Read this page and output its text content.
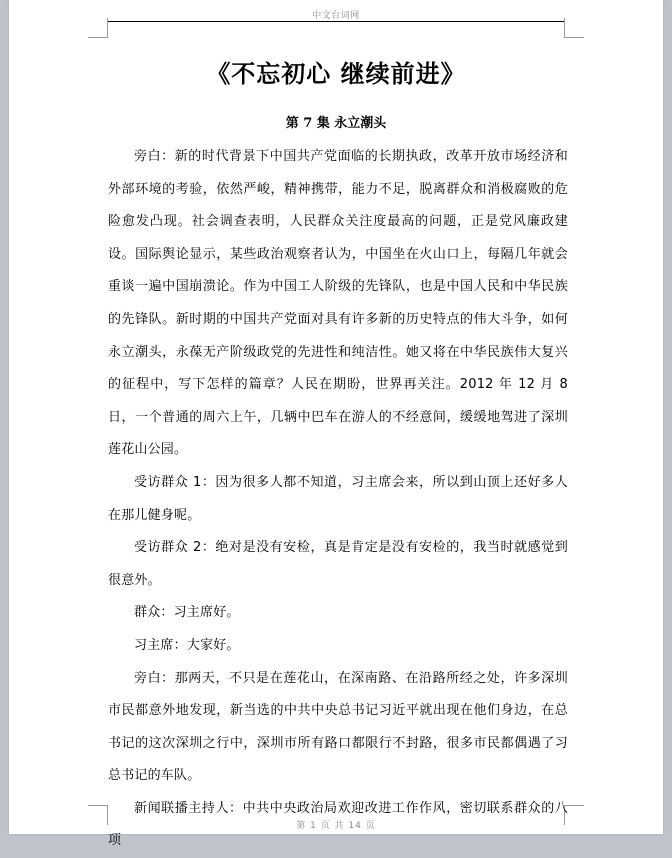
中文台词网
《不忘初心 继续前进》
第 7 集 永立潮头

旁白：新的时代背景下中国共产党面临的长期执政，改革开放市场经济和外部环境的考验，依然严峻，精神携带，能力不足，脱离群众和消极腐败的危险愈发凸现。社会调查表明，人民群众关注度最高的问题，正是党风廉政建设。国际舆论显示，某些政治观察者认为，中国坐在火山口上，每隔几年就会重谈一遍中国崩溃论。作为中国工人阶级的先锋队，也是中国人民和中华民族的先锋队。新时期的中国共产党面对具有许多新的历史特点的伟大斗争，如何永立潮头，永葆无产阶级政党的先进性和纯洁性。她又将在中华民族伟大复兴的征程中，写下怎样的篇章？人民在期盼，世界再关注。2012 年 12 月 8 日，一个普通的周六上午，几辆中巴车在游人的不经意间，缓缓地驾进了深圳莲花山公园。

受访群众 1：因为很多人都不知道，习主席会来，所以到山顶上还好多人在那儿健身呢。

受访群众 2：绝对是没有安检，真是肯定是没有安检的，我当时就感觉到很意外。

群众：习主席好。

习主席：大家好。

旁白：那两天，不只是在莲花山，在深南路、在沿路所经之处，许多深圳市民都意外地发现，新当选的中共中央总书记习近平就出现在他们身边，在总书记的这次深圳之行中，深圳市所有路口都限行不封路，很多市民都偶遇了习总书记的车队。

新闻联播主持人：中共中央政治局欢迎改进工作作风，密切联系群众的八项

第 1 页 共 14 页
